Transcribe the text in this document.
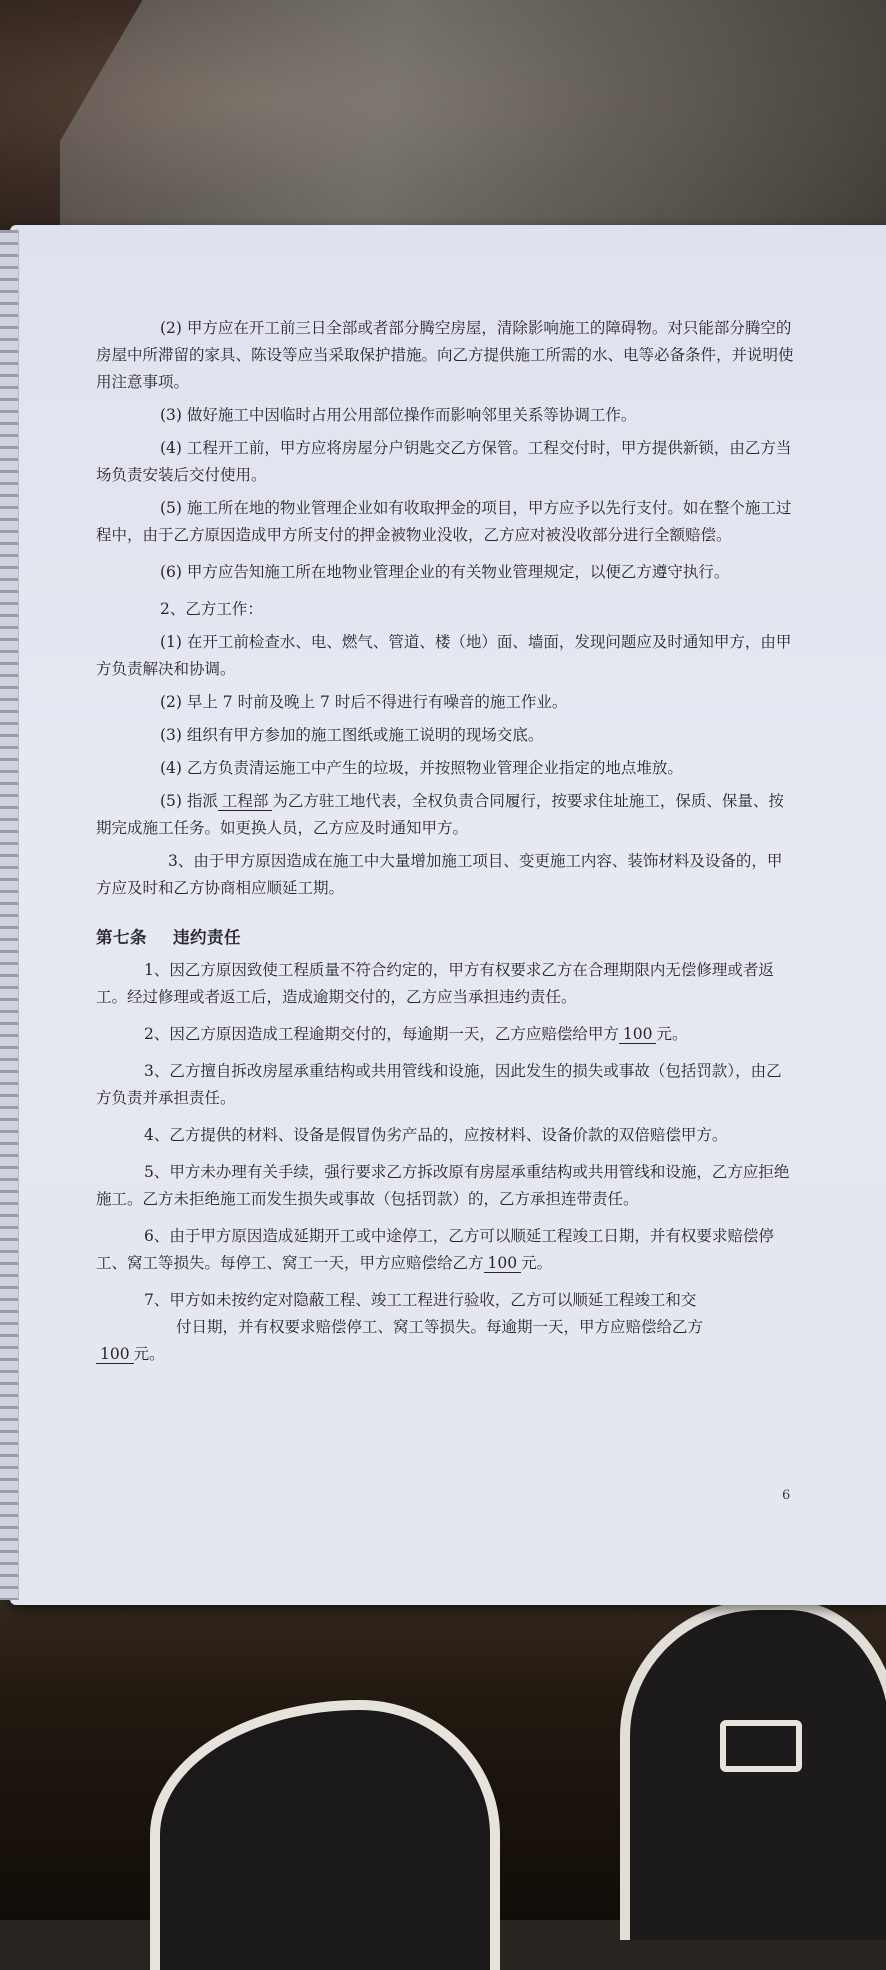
(2) 甲方应在开工前三日全部或者部分腾空房屋，清除影响施工的障碍物。对只能部分腾空的房屋中所滞留的家具、陈设等应当采取保护措施。向乙方提供施工所需的水、电等必备条件，并说明使用注意事项。

(3) 做好施工中因临时占用公用部位操作而影响邻里关系等协调工作。

(4) 工程开工前，甲方应将房屋分户钥匙交乙方保管。工程交付时，甲方提供新锁，由乙方当场负责安装后交付使用。

(5) 施工所在地的物业管理企业如有收取押金的项目，甲方应予以先行支付。如在整个施工过程中，由于乙方原因造成甲方所支付的押金被物业没收，乙方应对被没收部分进行全额赔偿。

(6) 甲方应告知施工所在地物业管理企业的有关物业管理规定，以便乙方遵守执行。

2、乙方工作：

(1) 在开工前检查水、电、燃气、管道、楼（地）面、墙面，发现问题应及时通知甲方，由甲方负责解决和协调。

(2) 早上 7 时前及晚上 7 时后不得进行有噪音的施工作业。

(3) 组织有甲方参加的施工图纸或施工说明的现场交底。

(4) 乙方负责清运施工中产生的垃圾，并按照物业管理企业指定的地点堆放。

(5) 指派 工程部 为乙方驻工地代表，全权负责合同履行，按要求住址施工，保质、保量、按期完成施工任务。如更换人员，乙方应及时通知甲方。

3、由于甲方原因造成在施工中大量增加施工项目、变更施工内容、装饰材料及设备的，甲方应及时和乙方协商相应顺延工期。

第七条 违约责任

1、因乙方原因致使工程质量不符合约定的，甲方有权要求乙方在合理期限内无偿修理或者返工。经过修理或者返工后，造成逾期交付的，乙方应当承担违约责任。

2、因乙方原因造成工程逾期交付的，每逾期一天，乙方应赔偿给甲方 100 元。

3、乙方擅自拆改房屋承重结构或共用管线和设施，因此发生的损失或事故（包括罚款），由乙方负责并承担责任。

4、乙方提供的材料、设备是假冒伪劣产品的，应按材料、设备价款的双倍赔偿甲方。

5、甲方未办理有关手续，强行要求乙方拆改原有房屋承重结构或共用管线和设施，乙方应拒绝施工。乙方未拒绝施工而发生损失或事故（包括罚款）的，乙方承担连带责任。

6、由于甲方原因造成延期开工或中途停工，乙方可以顺延工程竣工日期，并有权要求赔偿停工、窝工等损失。每停工、窝工一天，甲方应赔偿给乙方 100 元。

7、甲方如未按约定对隐蔽工程、竣工工程进行验收，乙方可以顺延工程竣工和交

付日期，并有权要求赔偿停工、窝工等损失。每逾期一天，甲方应赔偿给乙方

100 元。

6
